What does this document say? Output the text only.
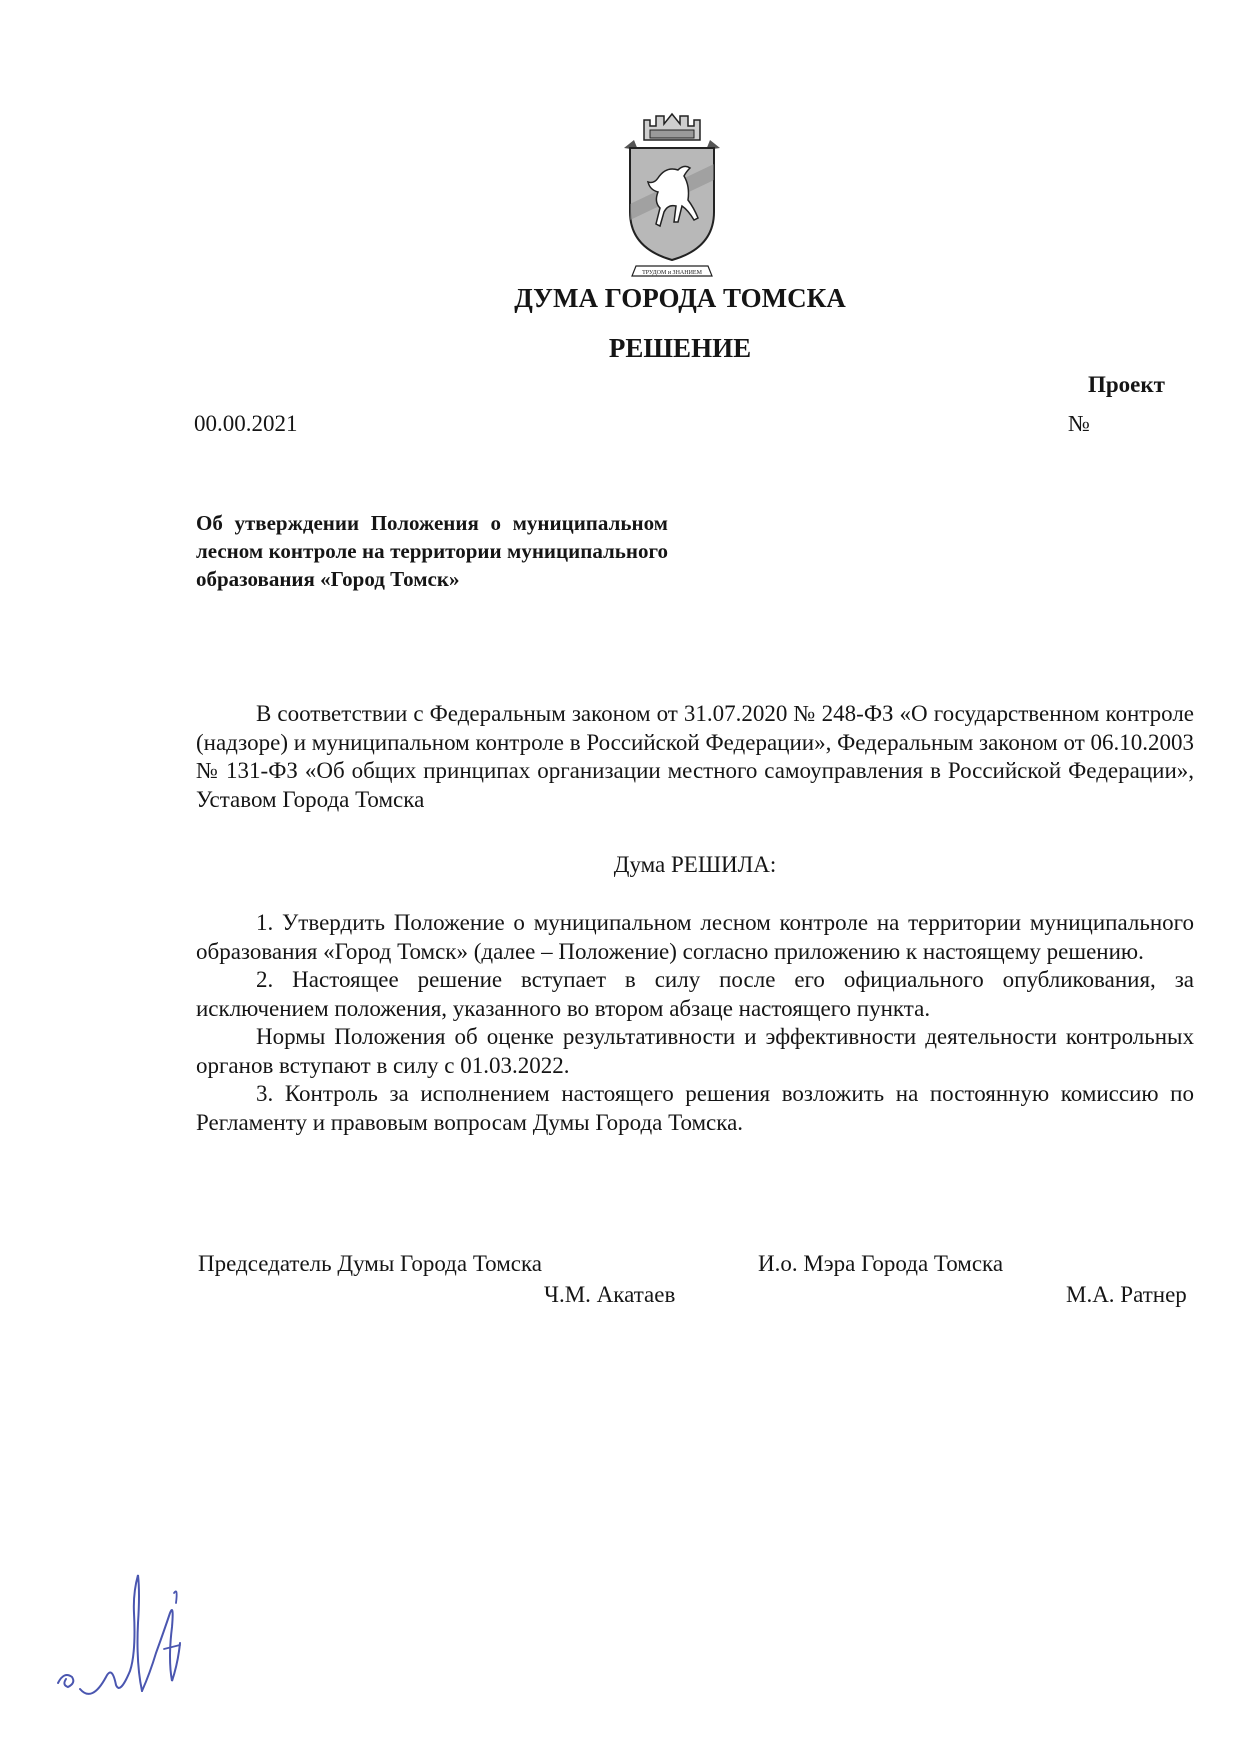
ТРУДОМ и ЗНАНИЕМ
ДУМА ГОРОДА ТОМСКА
РЕШЕНИЕ
Проект
00.00.2021	№
Об утверждении Положения о муниципальном лесном контроле на территории муниципального образования «Город Томск»

В соответствии с Федеральным законом от 31.07.2020 № 248-ФЗ «О государственном контроле (надзоре) и муниципальном контроле в Российской Федерации», Федеральным законом от 06.10.2003 № 131-ФЗ «Об общих принципах организации местного самоуправления в Российской Федерации», Уставом Города Томска

Дума РЕШИЛА:

1. Утвердить Положение о муниципальном лесном контроле на территории муниципального образования «Город Томск» (далее – Положение) согласно приложению к настоящему решению.

2. Настоящее решение вступает в силу после его официального опубликования, за исключением положения, указанного во втором абзаце настоящего пункта.

Нормы Положения об оценке результативности и эффективности деятельности контрольных органов вступают в силу с 01.03.2022.

3. Контроль за исполнением настоящего решения возложить на постоянную комиссию по Регламенту и правовым вопросам Думы Города Томска.

Председатель Думы Города Томска
Ч.М. Акатаев
И.о. Мэра Города Томска
М.А. Ратнер
